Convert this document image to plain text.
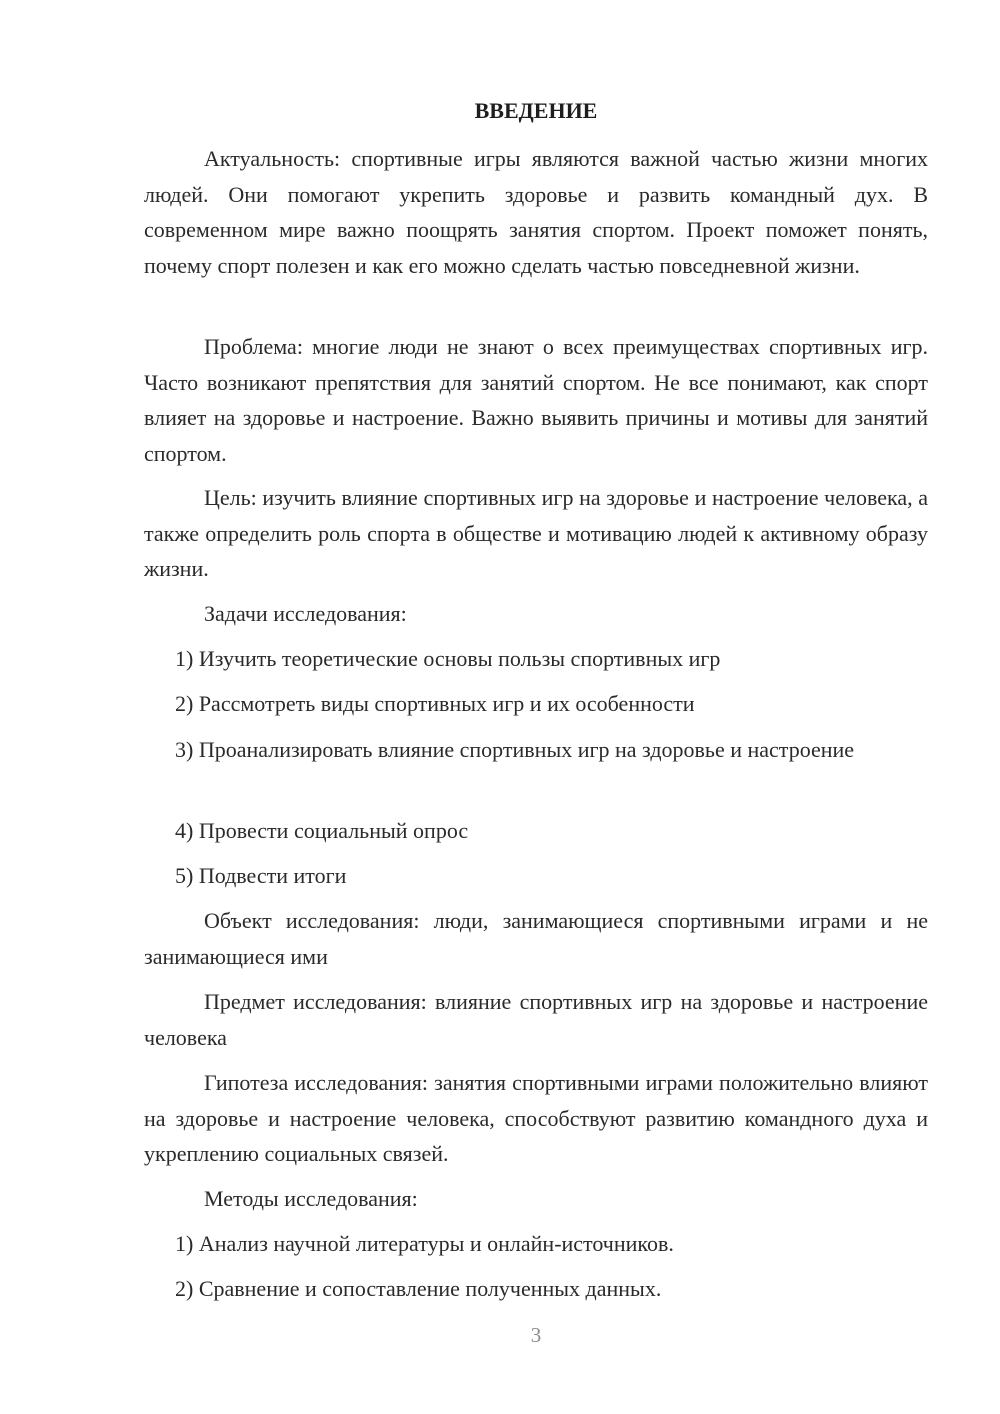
ВВЕДЕНИЕ

Актуальность: спортивные игры являются важной частью жизни многих людей. Они помогают укрепить здоровье и развить командный дух. В современном мире важно поощрять занятия спортом. Проект поможет понять, почему спорт полезен и как его можно сделать частью повседневной жизни.

Проблема: многие люди не знают о всех преимуществах спортивных игр. Часто возникают препятствия для занятий спортом. Не все понимают, как спорт влияет на здоровье и настроение. Важно выявить причины и мотивы для занятий спортом.

Цель: изучить влияние спортивных игр на здоровье и настроение человека, а также определить роль спорта в обществе и мотивацию людей к активному образу жизни.

Задачи исследования:

1) Изучить теоретические основы пользы спортивных игр

2) Рассмотреть виды спортивных игр и их особенности

3) Проанализировать влияние спортивных игр на здоровье и настроение

4) Провести социальный опрос

5) Подвести итоги

Объект исследования: люди, занимающиеся спортивными играми и не занимающиеся ими

Предмет исследования: влияние спортивных игр на здоровье и настроение человека

Гипотеза исследования: занятия спортивными играми положительно влияют на здоровье и настроение человека, способствуют развитию командного духа и укреплению социальных связей.

Методы исследования:

1) Анализ научной литературы и онлайн-источников.

2) Сравнение и сопоставление полученных данных.

3
